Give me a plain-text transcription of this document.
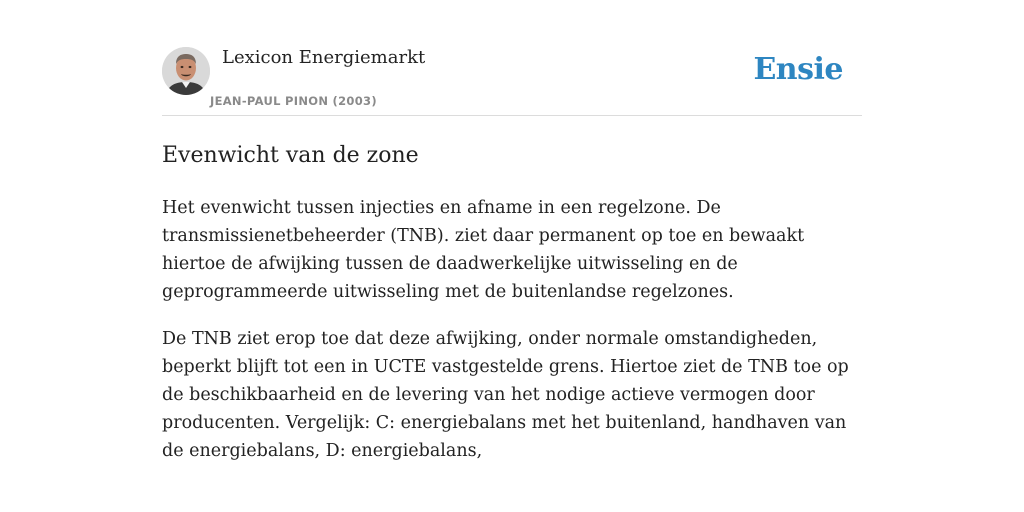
Lexicon Energiemarkt
JEAN-PAUL PINON (2003)
Ensie
Evenwicht van de zone

Het evenwicht tussen injecties en afname in een regelzone. De transmissienetbeheerder (TNB). ziet daar permanent op toe en bewaakt hiertoe de afwijking tussen de daadwerkelijke uitwisseling en de geprogrammeerde uitwisseling met de buitenlandse regelzones.

De TNB ziet erop toe dat deze afwijking, onder normale omstandigheden, beperkt blijft tot een in UCTE vastgestelde grens. Hiertoe ziet de TNB toe op de beschikbaarheid en de levering van het nodige actieve vermogen door producenten. Vergelijk: C: energiebalans met het buitenland, handhaven van de energiebalans, D: energiebalans,
